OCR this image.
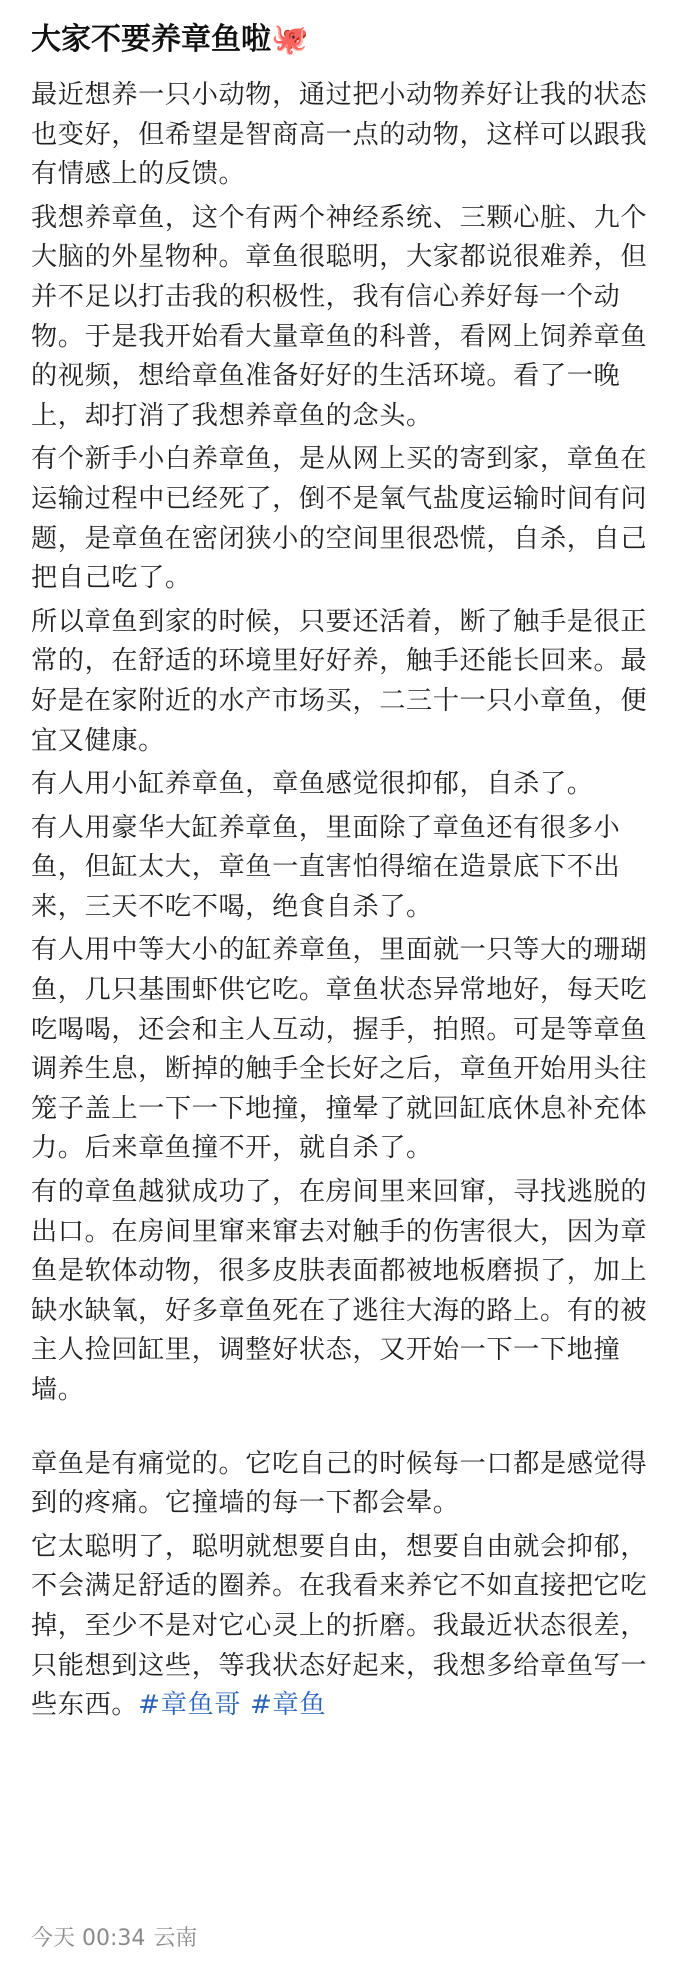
大家不要养章鱼啦🐙

最近想养一只小动物，通过把小动物养好让我的状态也变好，但希望是智商高一点的动物，这样可以跟我有情感上的反馈。

我想养章鱼，这个有两个神经系统、三颗心脏、九个大脑的外星物种。章鱼很聪明，大家都说很难养，但并不足以打击我的积极性，我有信心养好每一个动物。于是我开始看大量章鱼的科普，看网上饲养章鱼的视频，想给章鱼准备好好的生活环境。看了一晚上，却打消了我想养章鱼的念头。

有个新手小白养章鱼，是从网上买的寄到家，章鱼在运输过程中已经死了，倒不是氧气盐度运输时间有问题，是章鱼在密闭狭小的空间里很恐慌，自杀，自己把自己吃了。

所以章鱼到家的时候，只要还活着，断了触手是很正常的，在舒适的环境里好好养，触手还能长回来。最好是在家附近的水产市场买，二三十一只小章鱼，便宜又健康。

有人用小缸养章鱼，章鱼感觉很抑郁，自杀了。

有人用豪华大缸养章鱼，里面除了章鱼还有很多小鱼，但缸太大，章鱼一直害怕得缩在造景底下不出来，三天不吃不喝，绝食自杀了。

有人用中等大小的缸养章鱼，里面就一只等大的珊瑚鱼，几只基围虾供它吃。章鱼状态异常地好，每天吃吃喝喝，还会和主人互动，握手，拍照。可是等章鱼调养生息，断掉的触手全长好之后，章鱼开始用头往笼子盖上一下一下地撞，撞晕了就回缸底休息补充体力。后来章鱼撞不开，就自杀了。

有的章鱼越狱成功了，在房间里来回窜，寻找逃脱的出口。在房间里窜来窜去对触手的伤害很大，因为章鱼是软体动物，很多皮肤表面都被地板磨损了，加上缺水缺氧，好多章鱼死在了逃往大海的路上。有的被主人捡回缸里，调整好状态，又开始一下一下地撞墙。

章鱼是有痛觉的。它吃自己的时候每一口都是感觉得到的疼痛。它撞墙的每一下都会晕。

它太聪明了，聪明就想要自由，想要自由就会抑郁，不会满足舒适的圈养。在我看来养它不如直接把它吃掉，至少不是对它心灵上的折磨。我最近状态很差，只能想到这些，等我状态好起来，我想多给章鱼写一些东西。#章鱼哥 #章鱼

今天 00:34 云南
